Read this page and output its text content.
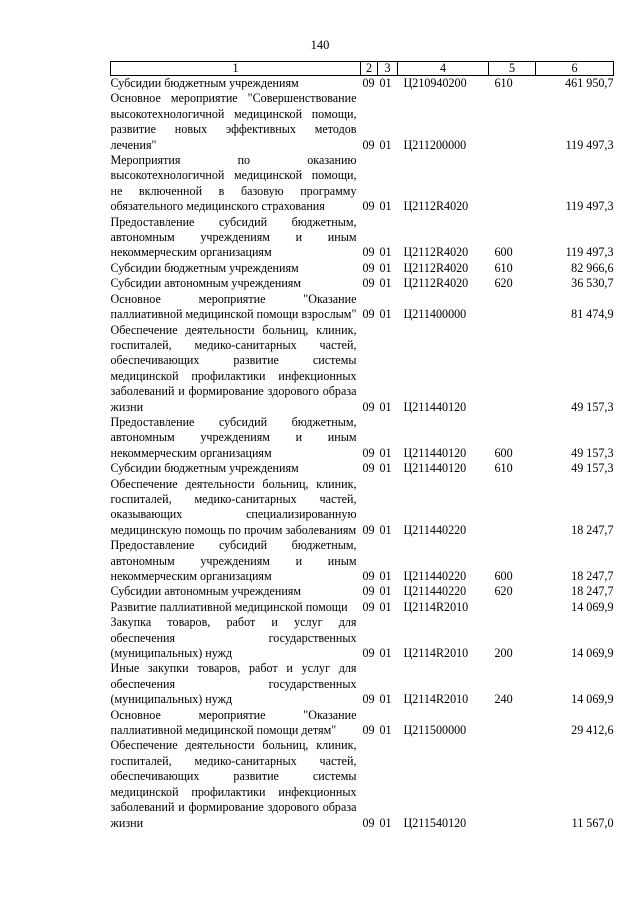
140
1	2	3	4	5	6
Субсидии бюджетным учреждениям	09	01	Ц210940200	610	461 950,7
Основное мероприятие "Совершенствование высокотехнологичной медицинской помощи, развитие новых эффективных методов лечения"	09	01	Ц211200000		119 497,3
Мероприятия по оказанию высокотехнологичной медицинской помощи, не включенной в базовую программу обязательного медицинского страхования	09	01	Ц2112R4020		119 497,3
Предоставление субсидий бюджетным, автономным учреждениям и иным некоммерческим организациям	09	01	Ц2112R4020	600	119 497,3
Субсидии бюджетным учреждениям	09	01	Ц2112R4020	610	82 966,6
Субсидии автономным учреждениям	09	01	Ц2112R4020	620	36 530,7
Основное мероприятие "Оказание паллиативной медицинской помощи взрослым"	09	01	Ц211400000		81 474,9
Обеспечение деятельности больниц, клиник, госпиталей, медико-санитарных частей, обеспечивающих развитие системы медицинской профилактики инфекционных заболеваний и формирование здорового образа жизни	09	01	Ц211440120		49 157,3
Предоставление субсидий бюджетным, автономным учреждениям и иным некоммерческим организациям	09	01	Ц211440120	600	49 157,3
Субсидии бюджетным учреждениям	09	01	Ц211440120	610	49 157,3
Обеспечение деятельности больниц, клиник, госпиталей, медико-санитарных частей, оказывающих специализированную медицинскую помощь по прочим заболеваниям	09	01	Ц211440220		18 247,7
Предоставление субсидий бюджетным, автономным учреждениям и иным некоммерческим организациям	09	01	Ц211440220	600	18 247,7
Субсидии автономным учреждениям	09	01	Ц211440220	620	18 247,7
Развитие паллиативной медицинской помощи	09	01	Ц2114R2010		14 069,9
Закупка товаров, работ и услуг для обеспечения государственных (муниципальных) нужд	09	01	Ц2114R2010	200	14 069,9
Иные закупки товаров, работ и услуг для обеспечения государственных (муниципальных) нужд	09	01	Ц2114R2010	240	14 069,9
Основное мероприятие "Оказание паллиативной медицинской помощи детям"	09	01	Ц211500000		29 412,6
Обеспечение деятельности больниц, клиник, госпиталей, медико-санитарных частей, обеспечивающих развитие системы медицинской профилактики инфекционных заболеваний и формирование здорового образа жизни	09	01	Ц211540120		11 567,0
